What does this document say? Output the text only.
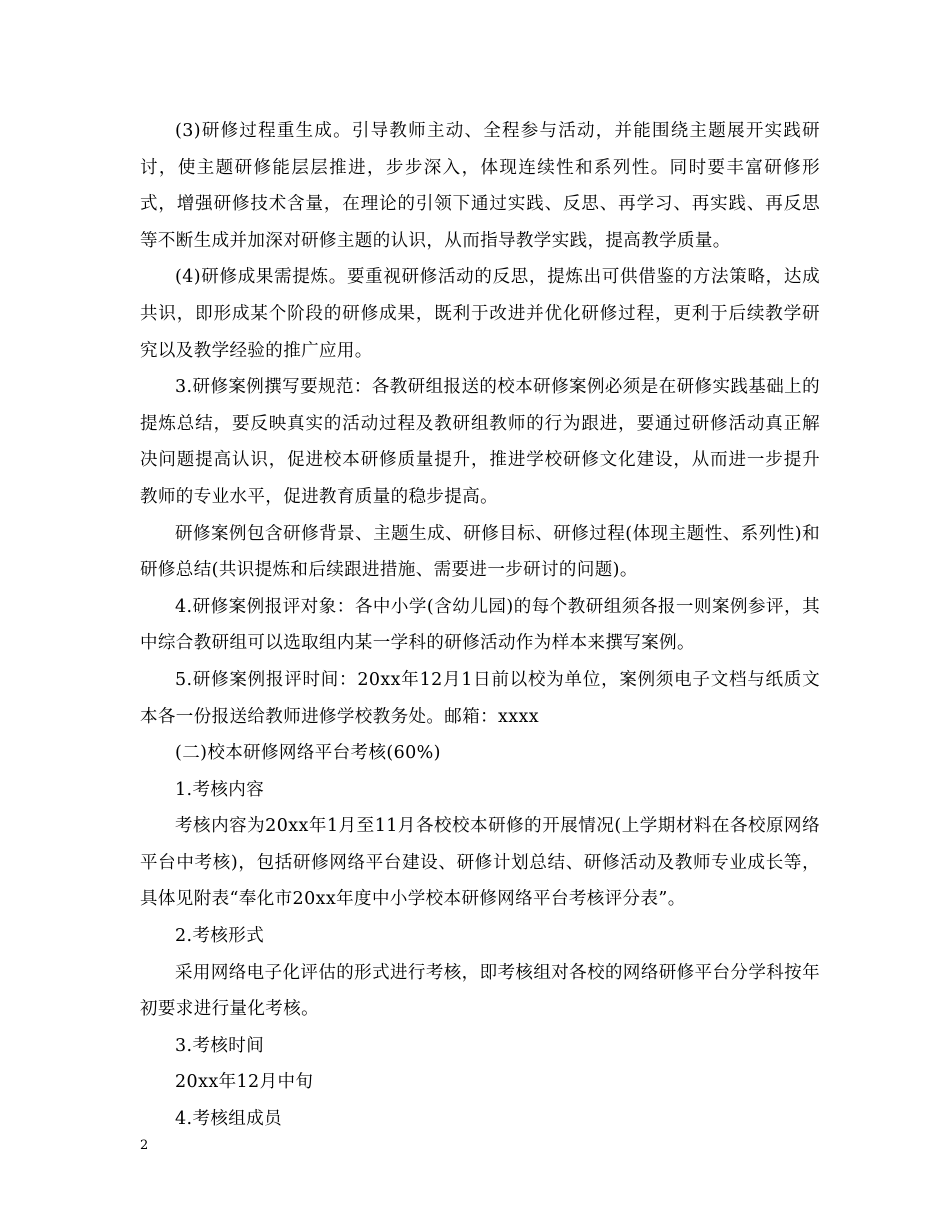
(3)研修过程重生成。引导教师主动、全程参与活动，并能围绕主题展开实践研讨，使主题研修能层层推进，步步深入，体现连续性和系列性。同时要丰富研修形式，增强研修技术含量，在理论的引领下通过实践、反思、再学习、再实践、再反思等不断生成并加深对研修主题的认识，从而指导教学实践，提高教学质量。

(4)研修成果需提炼。要重视研修活动的反思，提炼出可供借鉴的方法策略，达成共识，即形成某个阶段的研修成果，既利于改进并优化研修过程，更利于后续教学研究以及教学经验的推广应用。

3.研修案例撰写要规范：各教研组报送的校本研修案例必须是在研修实践基础上的提炼总结，要反映真实的活动过程及教研组教师的行为跟进，要通过研修活动真正解决问题提高认识，促进校本研修质量提升，推进学校研修文化建设，从而进一步提升教师的专业水平，促进教育质量的稳步提高。

研修案例包含研修背景、主题生成、研修目标、研修过程(体现主题性、系列性)和研修总结(共识提炼和后续跟进措施、需要进一步研讨的问题)。

4.研修案例报评对象：各中小学(含幼儿园)的每个教研组须各报一则案例参评，其中综合教研组可以选取组内某一学科的研修活动作为样本来撰写案例。

5.研修案例报评时间：20xx年12月1日前以校为单位，案例须电子文档与纸质文本各一份报送给教师进修学校教务处。邮箱：xxxx

(二)校本研修网络平台考核(60%)

1.考核内容

考核内容为20xx年1月至11月各校校本研修的开展情况(上学期材料在各校原网络平台中考核)，包括研修网络平台建设、研修计划总结、研修活动及教师专业成长等，具体见附表“奉化市20xx年度中小学校本研修网络平台考核评分表”。

2.考核形式

采用网络电子化评估的形式进行考核，即考核组对各校的网络研修平台分学科按年初要求进行量化考核。

3.考核时间

20xx年12月中旬

4.考核组成员

2
